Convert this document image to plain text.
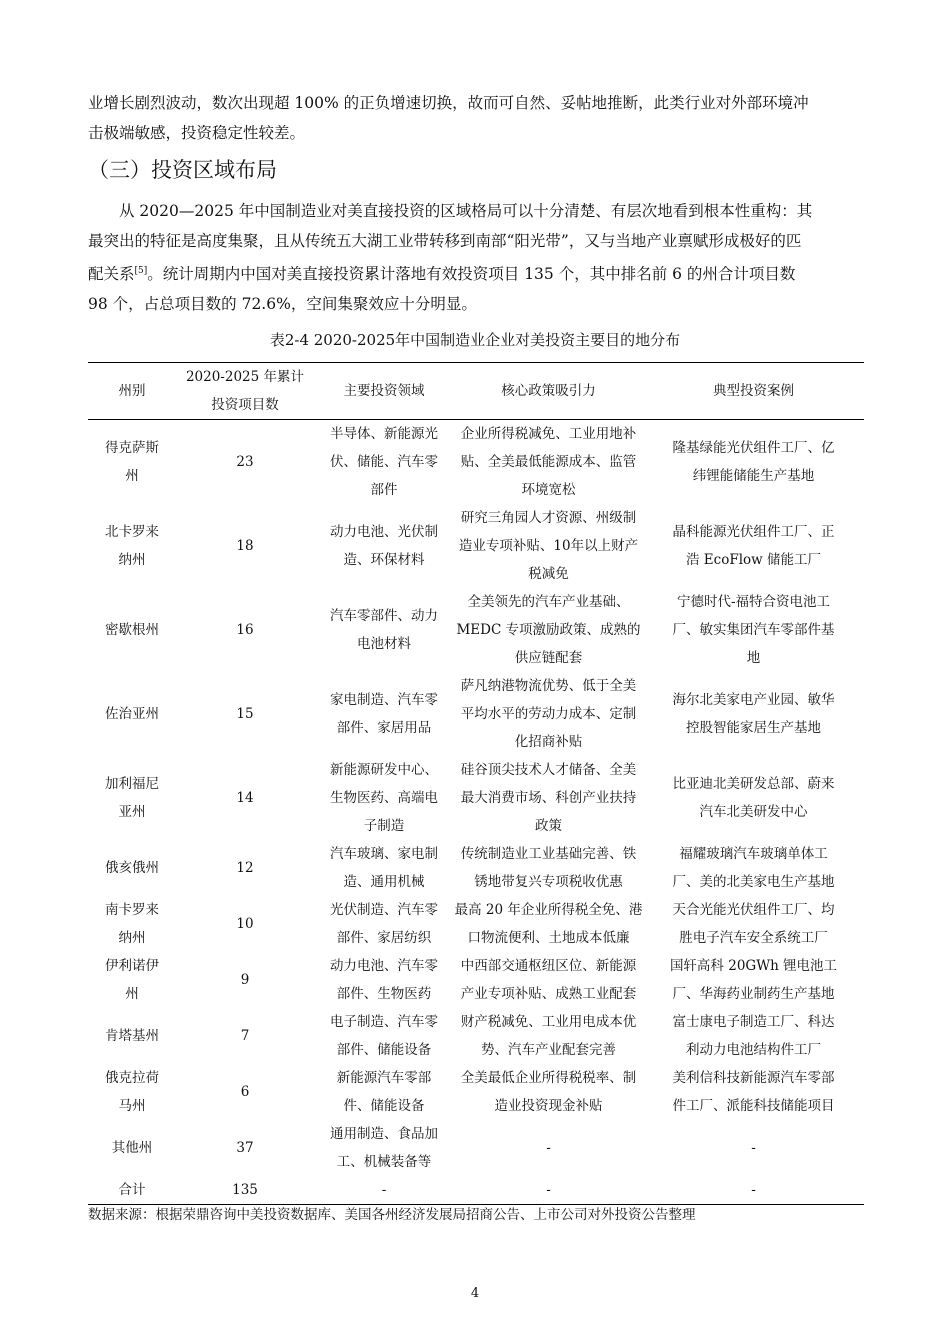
业增长剧烈波动，数次出现超 100% 的正负增速切换，故而可自然、妥帖地推断，此类行业对外部环境冲
击极端敏感，投资稳定性较差。
（三）投资区域布局
从 2020—2025 年中国制造业对美直接投资的区域格局可以十分清楚、有层次地看到根本性重构：其
最突出的特征是高度集聚，且从传统五大湖工业带转移到南部“阳光带”，又与当地产业禀赋形成极好的匹
配关系[5]。统计周期内中国对美直接投资累计落地有效投资项目 135 个，其中排名前 6 的州合计项目数
98 个，占总项目数的 72.6%，空间集聚效应十分明显。
表2-4 2020-2025年中国制造业企业对美投资主要目的地分布
州别	2020-2025 年累计投资项目数	主要投资领域	核心政策吸引力	典型投资案例

得克萨斯州	23	半导体、新能源光伏、储能、汽车零部件	企业所得税减免、工业用地补贴、全美最低能源成本、监管环境宽松	隆基绿能光伏组件工厂、亿纬锂能储能生产基地

北卡罗来纳州	18	动力电池、光伏制造、环保材料	研究三角园人才资源、州级制造业专项补贴、10年以上财产税减免	晶科能源光伏组件工厂、正浩 EcoFlow 储能工厂

密歇根州	16	汽车零部件、动力电池材料	全美领先的汽车产业基础、MEDC 专项激励政策、成熟的供应链配套	宁德时代-福特合资电池工厂、敏实集团汽车零部件基地

佐治亚州	15	家电制造、汽车零部件、家居用品	萨凡纳港物流优势、低于全美平均水平的劳动力成本、定制化招商补贴	海尔北美家电产业园、敏华控股智能家居生产基地

加利福尼亚州	14	新能源研发中心、生物医药、高端电子制造	硅谷顶尖技术人才储备、全美最大消费市场、科创产业扶持政策	比亚迪北美研发总部、蔚来汽车北美研发中心

俄亥俄州	12	汽车玻璃、家电制造、通用机械	传统制造业工业基础完善、铁锈地带复兴专项税收优惠	福耀玻璃汽车玻璃单体工厂、美的北美家电生产基地

南卡罗来纳州	10	光伏制造、汽车零部件、家居纺织	最高 20 年企业所得税全免、港口物流便利、土地成本低廉	天合光能光伏组件工厂、均胜电子汽车安全系统工厂

伊利诺伊州	9	动力电池、汽车零部件、生物医药	中西部交通枢纽区位、新能源产业专项补贴、成熟工业配套	国轩高科 20GWh 锂电池工厂、华海药业制药生产基地

肯塔基州	7	电子制造、汽车零部件、储能设备	财产税减免、工业用电成本优势、汽车产业配套完善	富士康电子制造工厂、科达利动力电池结构件工厂

俄克拉荷马州	6	新能源汽车零部件、储能设备	全美最低企业所得税税率、制造业投资现金补贴	美利信科技新能源汽车零部件工厂、派能科技储能项目

其他州	37	通用制造、食品加工、机械装备等	-	-

合计	135	-	-	-
数据来源：根据荣鼎咨询中美投资数据库、美国各州经济发展局招商公告、上市公司对外投资公告整理
4
